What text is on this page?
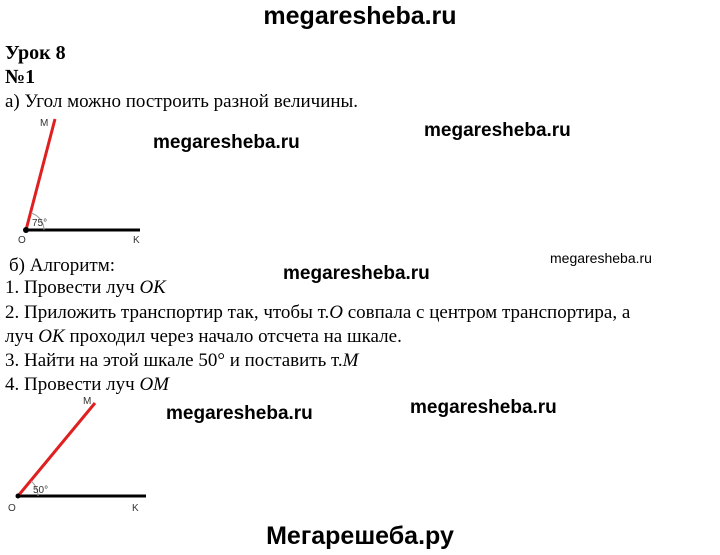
megaresheba.ru
Урок 8
№1
а) Угол можно построить разной величины.
megaresheba.ru
megaresheba.ru
megaresheba.ru
megaresheba.ru
megaresheba.ru	megaresheba.ru
M
O	K
75°
б) Алгоритм:
1. Провести луч OK
2. Приложить транспортир так, чтобы т.O совпала с центром транспортира, а
луч OK проходил через начало отсчета на шкале.
3. Найти на этой шкале 50° и поставить т.M
4. Провести луч OM
M
O	K
50°
Мегарешеба.ру
